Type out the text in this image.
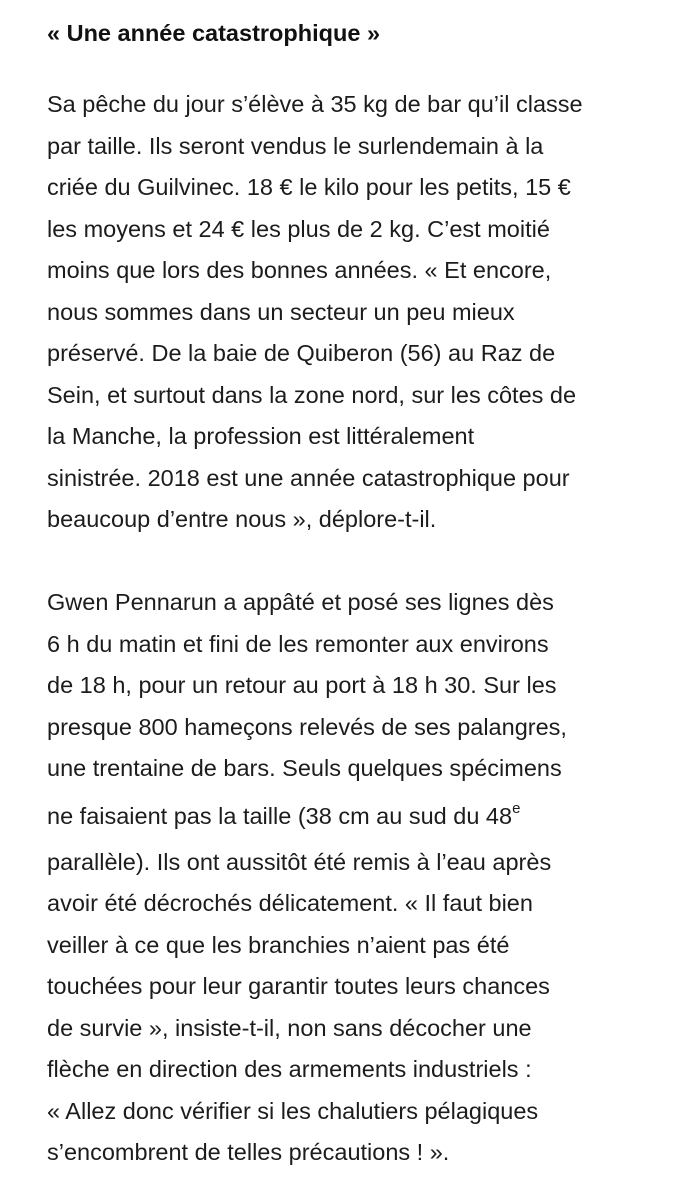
« Une année catastrophique »

Sa pêche du jour s’élève à 35 kg de bar qu’il classe
par taille. Ils seront vendus le surlendemain à la
criée du Guilvinec. 18 € le kilo pour les petits, 15 €
les moyens et 24 € les plus de 2 kg. C’est moitié
moins que lors des bonnes années. « Et encore,
nous sommes dans un secteur un peu mieux
préservé. De la baie de Quiberon (56) au Raz de
Sein, et surtout dans la zone nord, sur les côtes de
la Manche, la profession est littéralement
sinistrée. 2018 est une année catastrophique pour
beaucoup d’entre nous », déplore-t-il.

Gwen Pennarun a appâté et posé ses lignes dès
6 h du matin et fini de les remonter aux environs
de 18 h, pour un retour au port à 18 h 30. Sur les
presque 800 hameçons relevés de ses palangres,
une trentaine de bars. Seuls quelques spécimens
ne faisaient pas la taille (38 cm au sud du 48e
parallèle). Ils ont aussitôt été remis à l’eau après
avoir été décrochés délicatement. « Il faut bien
veiller à ce que les branchies n’aient pas été
touchées pour leur garantir toutes leurs chances
de survie », insiste-t-il, non sans décocher une
flèche en direction des armements industriels :
« Allez donc vérifier si les chalutiers pélagiques
s’encombrent de telles précautions ! ».
